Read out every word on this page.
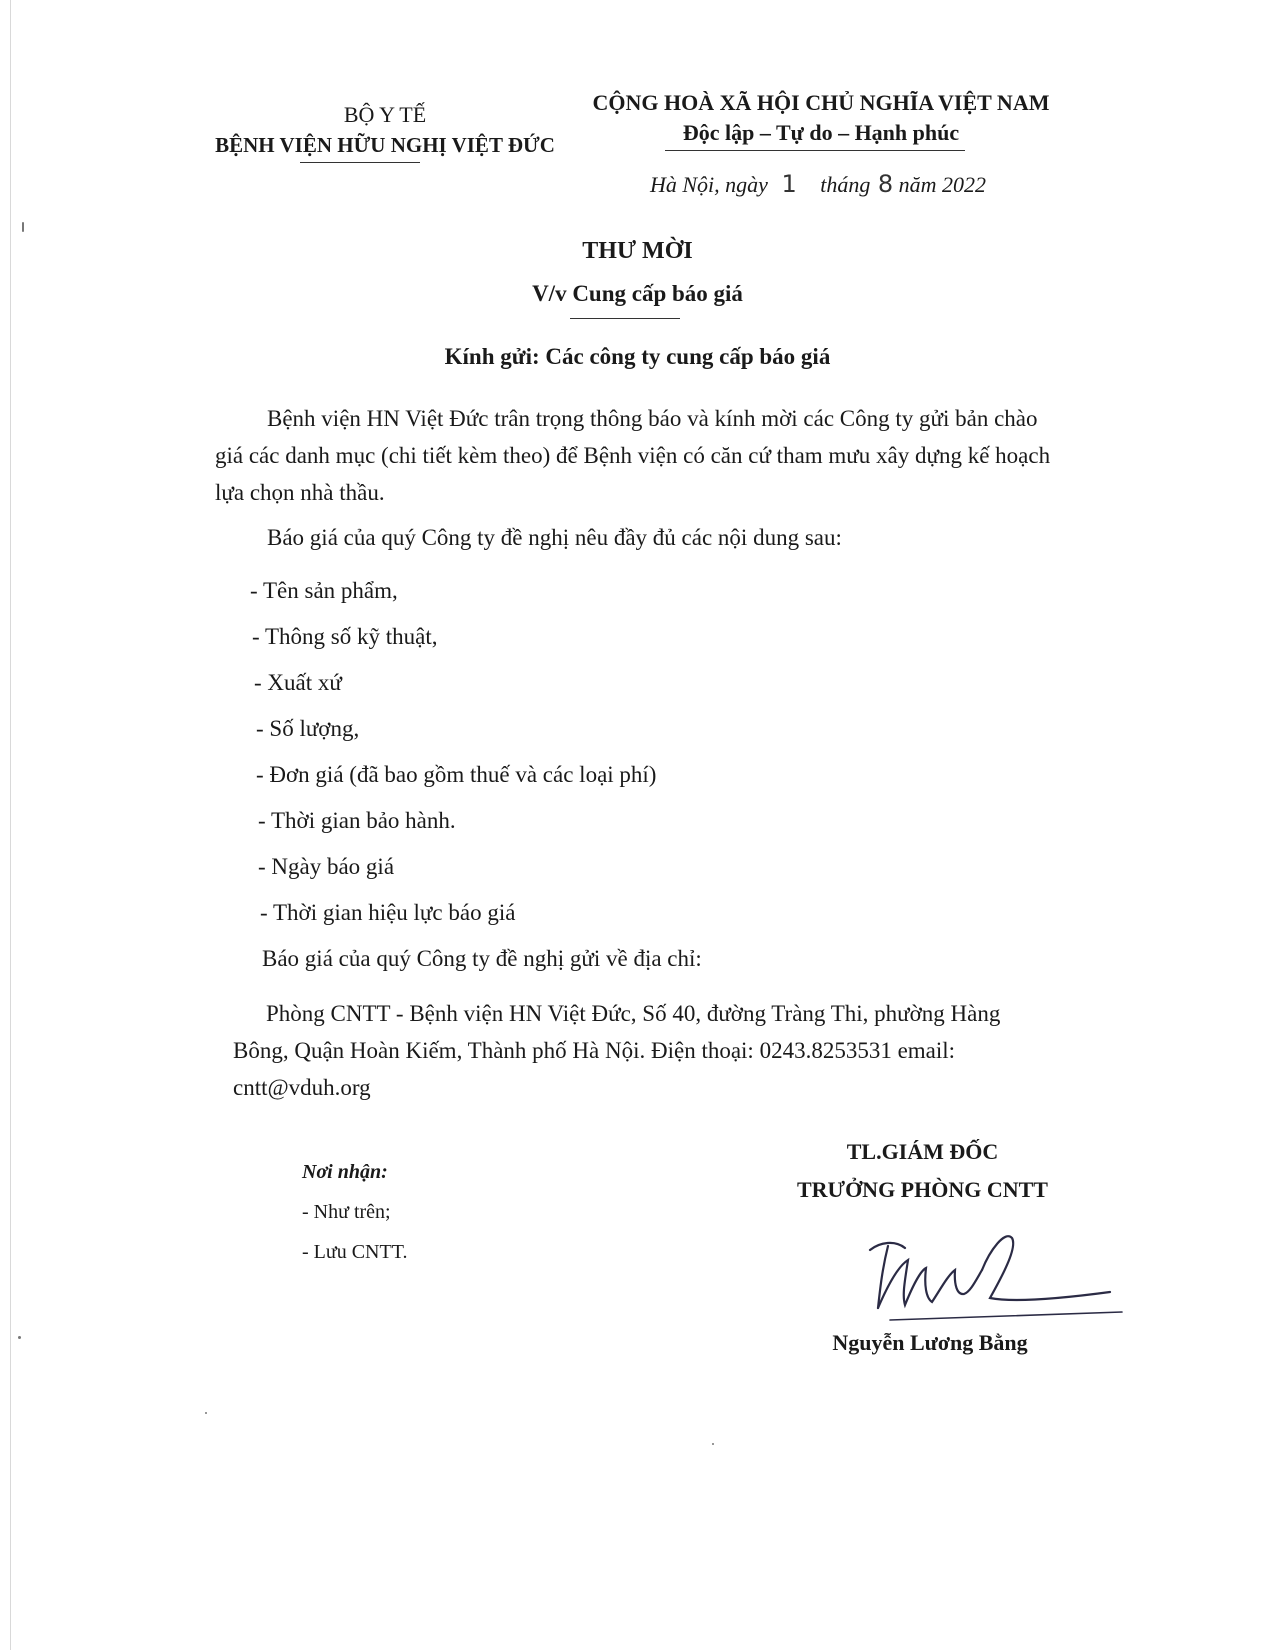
BỘ Y TẾ
BỆNH VIỆN HỮU NGHỊ VIỆT ĐỨC
CỘNG HOÀ XÃ HỘI CHỦ NGHĨA VIỆT NAM
Độc lập – Tự do – Hạnh phúc
Hà Nội, ngày 1 tháng 8 năm 2022
THƯ MỜI
V/v Cung cấp báo giá
Kính gửi: Các công ty cung cấp báo giá
Bệnh viện HN Việt Đức trân trọng thông báo và kính mời các Công ty gửi bản chào giá các danh mục (chi tiết kèm theo) để Bệnh viện có căn cứ tham mưu xây dựng kế hoạch lựa chọn nhà thầu.
Báo giá của quý Công ty đề nghị nêu đầy đủ các nội dung sau:
- Tên sản phẩm,
- Thông số kỹ thuật,
- Xuất xứ
- Số lượng,
- Đơn giá (đã bao gồm thuế và các loại phí)
- Thời gian bảo hành.
- Ngày báo giá
- Thời gian hiệu lực báo giá
Báo giá của quý Công ty đề nghị gửi về địa chỉ:
Phòng CNTT - Bệnh viện HN Việt Đức, Số 40, đường Tràng Thi, phường Hàng Bông, Quận Hoàn Kiếm, Thành phố Hà Nội. Điện thoại: 0243.8253531 email: cntt@vduh.org
Nơi nhận:
- Như trên;
- Lưu CNTT.
TL.GIÁM ĐỐC
TRƯỞNG PHÒNG CNTT
Nguyễn Lương Bằng
